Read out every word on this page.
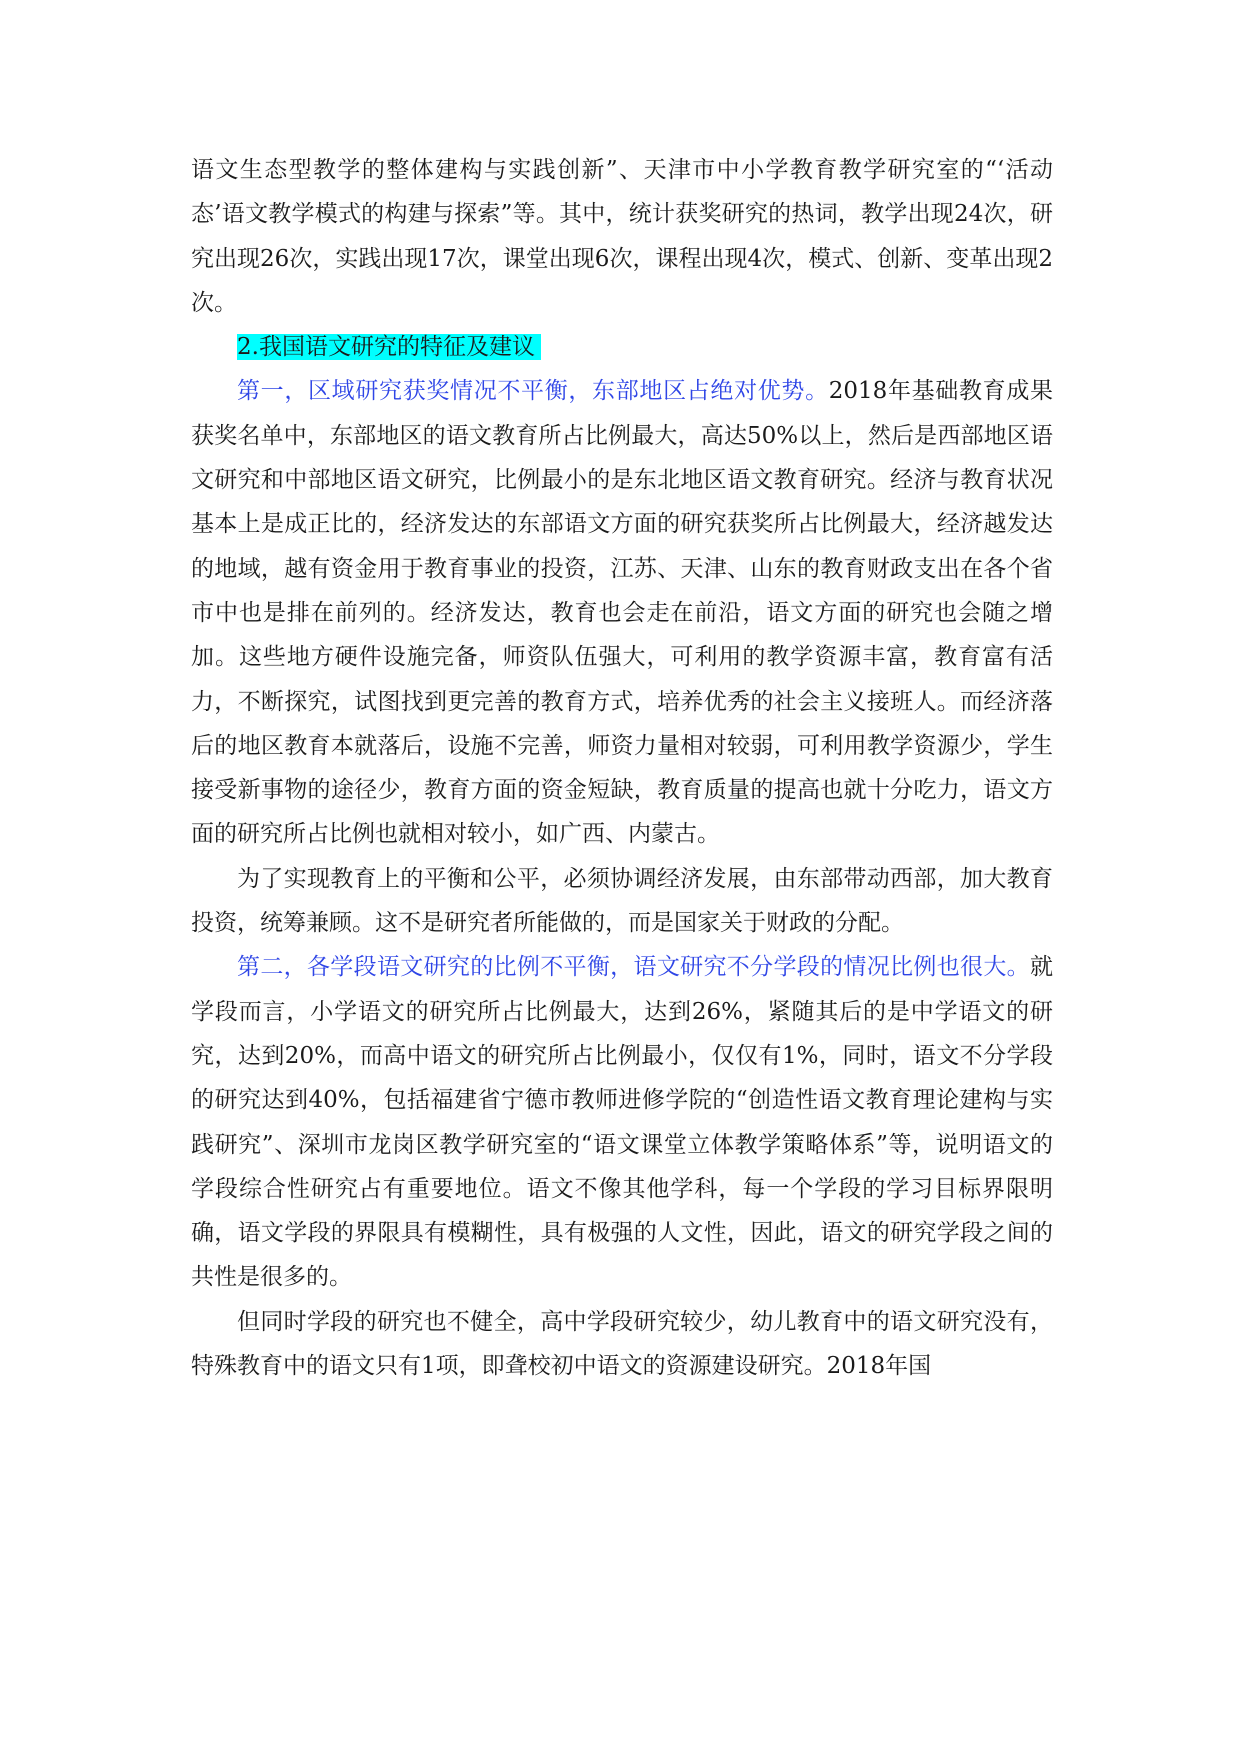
语文生态型教学的整体建构与实践创新”、天津市中小学教育教学研究室的“‘活动态’语文教学模式的构建与探索”等。其中，统计获奖研究的热词，教学出现24次，研究出现26次，实践出现17次，课堂出现6次，课程出现4次，模式、创新、变革出现2次。

2.我国语文研究的特征及建议

第一，区域研究获奖情况不平衡，东部地区占绝对优势。2018年基础教育成果获奖名单中，东部地区的语文教育所占比例最大，高达50%以上，然后是西部地区语文研究和中部地区语文研究，比例最小的是东北地区语文教育研究。经济与教育状况基本上是成正比的，经济发达的东部语文方面的研究获奖所占比例最大，经济越发达的地域，越有资金用于教育事业的投资，江苏、天津、山东的教育财政支出在各个省市中也是排在前列的。经济发达，教育也会走在前沿，语文方面的研究也会随之增加。这些地方硬件设施完备，师资队伍强大，可利用的教学资源丰富，教育富有活力，不断探究，试图找到更完善的教育方式，培养优秀的社会主义接班人。而经济落后的地区教育本就落后，设施不完善，师资力量相对较弱，可利用教学资源少，学生接受新事物的途径少，教育方面的资金短缺，教育质量的提高也就十分吃力，语文方面的研究所占比例也就相对较小，如广西、内蒙古。

为了实现教育上的平衡和公平，必须协调经济发展，由东部带动西部，加大教育投资，统筹兼顾。这不是研究者所能做的，而是国家关于财政的分配。

第二，各学段语文研究的比例不平衡，语文研究不分学段的情况比例也很大。就学段而言，小学语文的研究所占比例最大，达到26%，紧随其后的是中学语文的研究，达到20%，而高中语文的研究所占比例最小，仅仅有1%，同时，语文不分学段的研究达到40%，包括福建省宁德市教师进修学院的“创造性语文教育理论建构与实践研究”、深圳市龙岗区教学研究室的“语文课堂立体教学策略体系”等，说明语文的学段综合性研究占有重要地位。语文不像其他学科，每一个学段的学习目标界限明确，语文学段的界限具有模糊性，具有极强的人文性，因此，语文的研究学段之间的共性是很多的。

但同时学段的研究也不健全，高中学段研究较少，幼儿教育中的语文研究没有，特殊教育中的语文只有1项，即聋校初中语文的资源建设研究。2018年国
